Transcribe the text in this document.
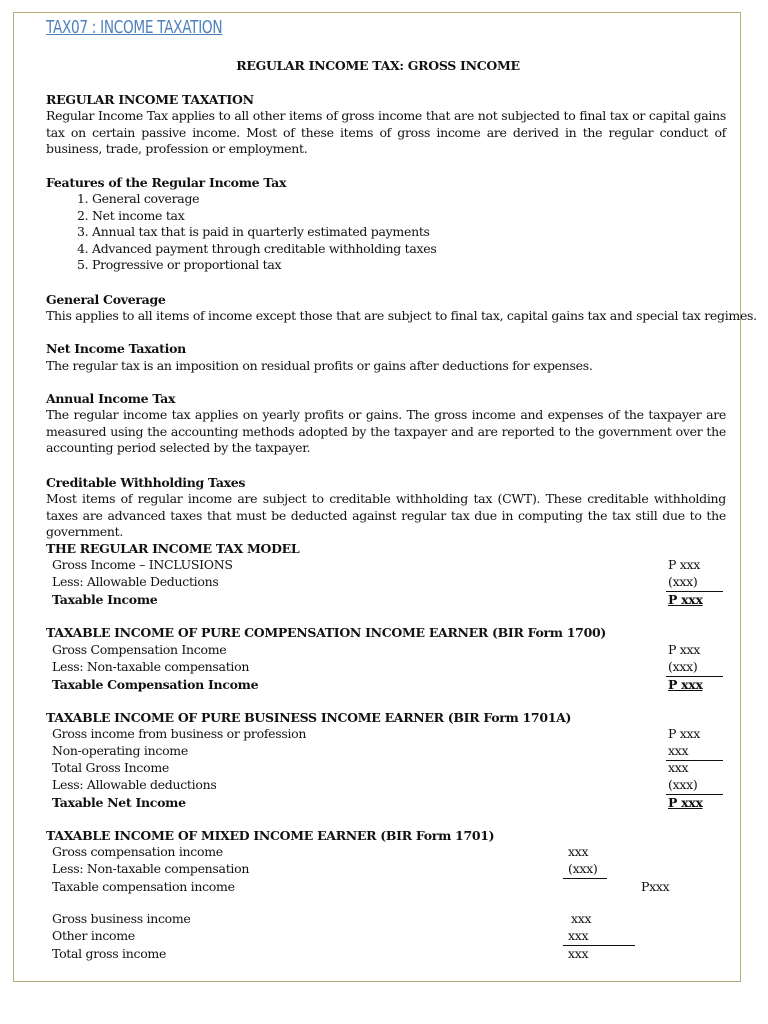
TAX07 : INCOME TAXATION
REGULAR INCOME TAX: GROSS INCOME
REGULAR INCOME TAXATION
Regular Income Tax applies to all other items of gross income that are not subjected to final tax or capital gains tax on certain passive income. Most of these items of gross income are derived in the regular conduct of business, trade, profession or employment.
Features of the Regular Income Tax
1. General coverage
2. Net income tax
3. Annual tax that is paid in quarterly estimated payments
4. Advanced payment through creditable withholding taxes
5. Progressive or proportional tax
General Coverage
This applies to all items of income except those that are subject to final tax, capital gains tax and special tax regimes.
Net Income Taxation
The regular tax is an imposition on residual profits or gains after deductions for expenses.
Annual Income Tax
The regular income tax applies on yearly profits or gains. The gross income and expenses of the taxpayer are measured using the accounting methods adopted by the taxpayer and are reported to the government over the accounting period selected by the taxpayer.
Creditable Withholding Taxes
Most items of regular income are subject to creditable withholding tax (CWT). These creditable withholding taxes are advanced taxes that must be deducted against regular tax due in computing the tax still due to the government.
THE REGULAR INCOME TAX MODEL
Gross Income – INCLUSIONS	P xxx
Less: Allowable Deductions	(xxx)
Taxable Income	P xxx
TAXABLE INCOME OF PURE COMPENSATION INCOME EARNER (BIR Form 1700)
Gross Compensation Income	P xxx
Less: Non-taxable compensation	(xxx)
Taxable Compensation Income	P xxx
TAXABLE INCOME OF PURE BUSINESS INCOME EARNER (BIR Form 1701A)
Gross income from business or profession	P xxx
Non-operating income	xxx
Total Gross Income	xxx
Less: Allowable deductions	(xxx)
Taxable Net Income	P xxx
TAXABLE INCOME OF MIXED INCOME EARNER (BIR Form 1701)
Gross compensation income	xxx
Less: Non-taxable compensation	(xxx)
Taxable compensation income	Pxxx
Gross business income	xxx
Other income	xxx
Total gross income	xxx
